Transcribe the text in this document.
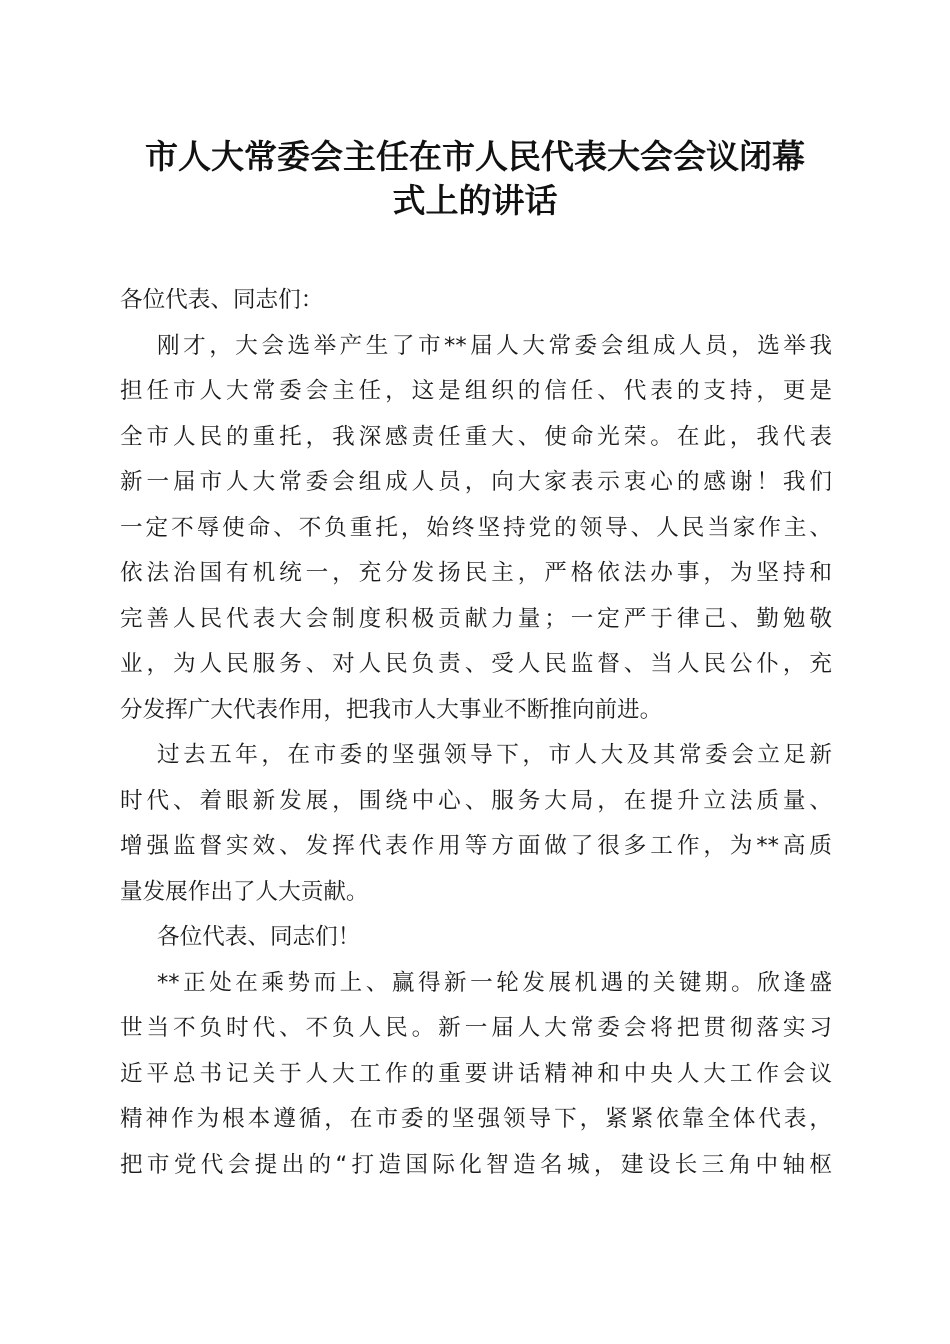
市人大常委会主任在市人民代表大会会议闭幕
式上的讲话
各位代表、同志们：
刚才，大会选举产生了市**届人大常委会组成人员，选举我
担任市人大常委会主任，这是组织的信任、代表的支持，更是
全市人民的重托，我深感责任重大、使命光荣。在此，我代表
新一届市人大常委会组成人员，向大家表示衷心的感谢！我们
一定不辱使命、不负重托，始终坚持党的领导、人民当家作主、
依法治国有机统一，充分发扬民主，严格依法办事，为坚持和
完善人民代表大会制度积极贡献力量；一定严于律己、勤勉敬
业，为人民服务、对人民负责、受人民监督、当人民公仆，充
分发挥广大代表作用，把我市人大事业不断推向前进。
过去五年，在市委的坚强领导下，市人大及其常委会立足新
时代、着眼新发展，围绕中心、服务大局，在提升立法质量、
增强监督实效、发挥代表作用等方面做了很多工作，为**高质
量发展作出了人大贡献。
各位代表、同志们！
**正处在乘势而上、赢得新一轮发展机遇的关键期。欣逢盛
世当不负时代、不负人民。新一届人大常委会将把贯彻落实习
近平总书记关于人大工作的重要讲话精神和中央人大工作会议
精神作为根本遵循，在市委的坚强领导下，紧紧依靠全体代表，
把市党代会提出的“打造国际化智造名城，建设长三角中轴枢
